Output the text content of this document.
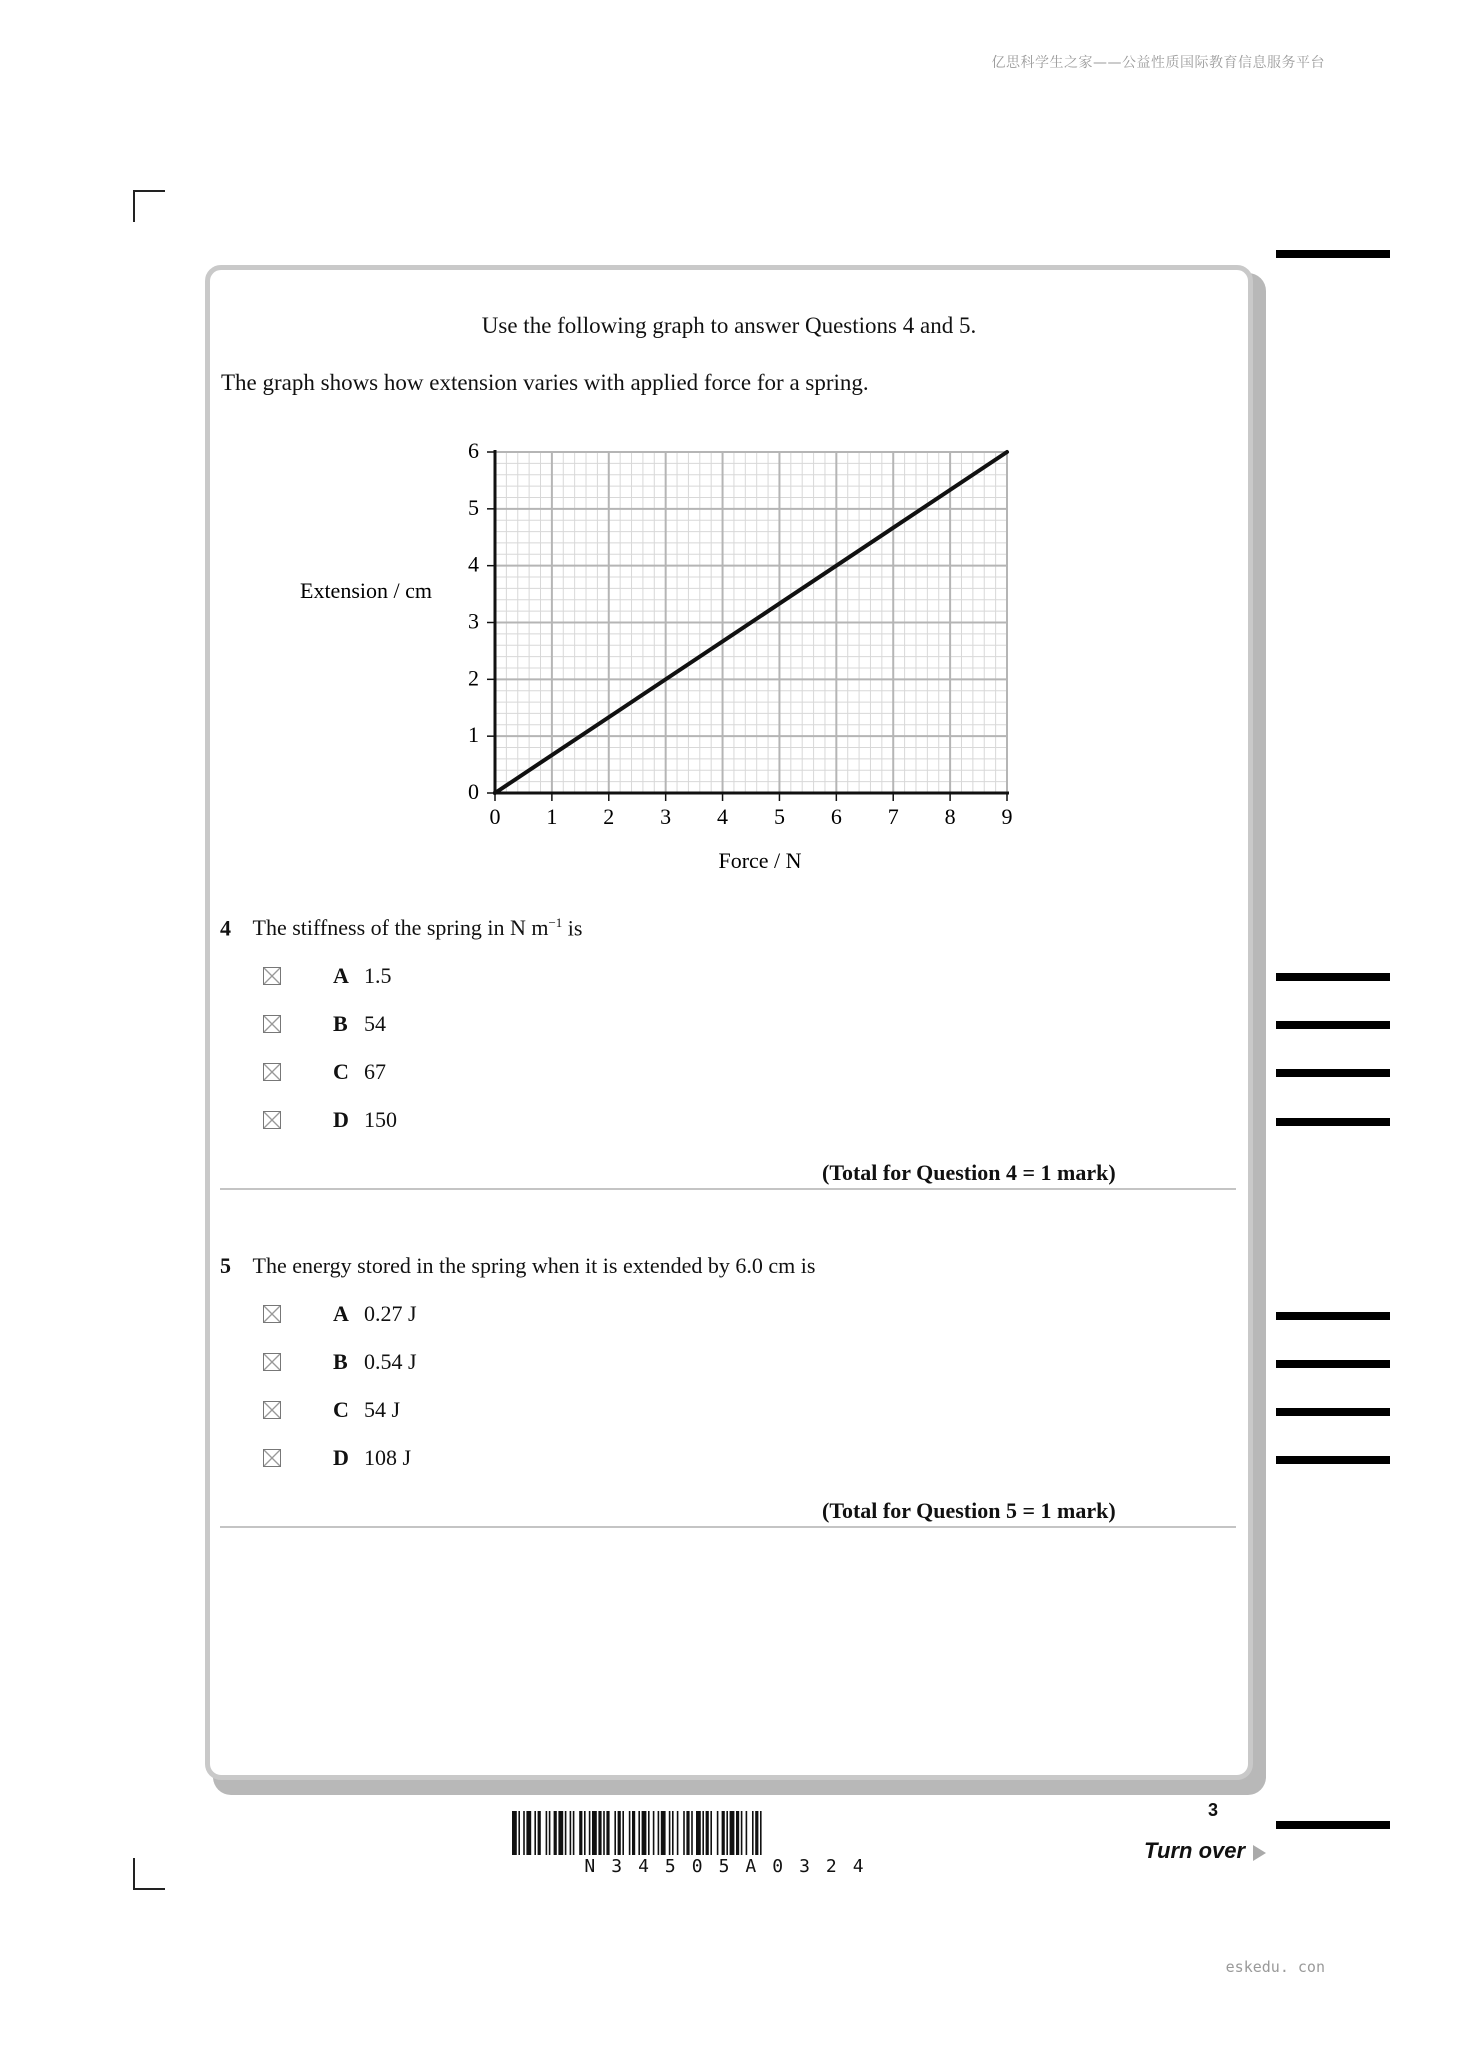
亿思科学生之家——公益性质国际教育信息服务平台
Use the following graph to answer Questions 4 and 5.
The graph shows how extension varies with applied force for a spring.
0 1 2 3 4 5 6 7 8 9
0
1
2
3
4
5
6
Extension / cm
Force / N
4 The stiffness of the spring in N $m^{-1}$ is
A 1.5
B 54
C 67
D 150
(Total for Question 4 = 1 mark)
5 The energy stored in the spring when it is extended by 6.0 cm is
A 0.27 J
B 0.54 J
C 54 J
D 108 J
(Total for Question 5 = 1 mark)
3
N34505A0324
Turn over
eskedu. con
